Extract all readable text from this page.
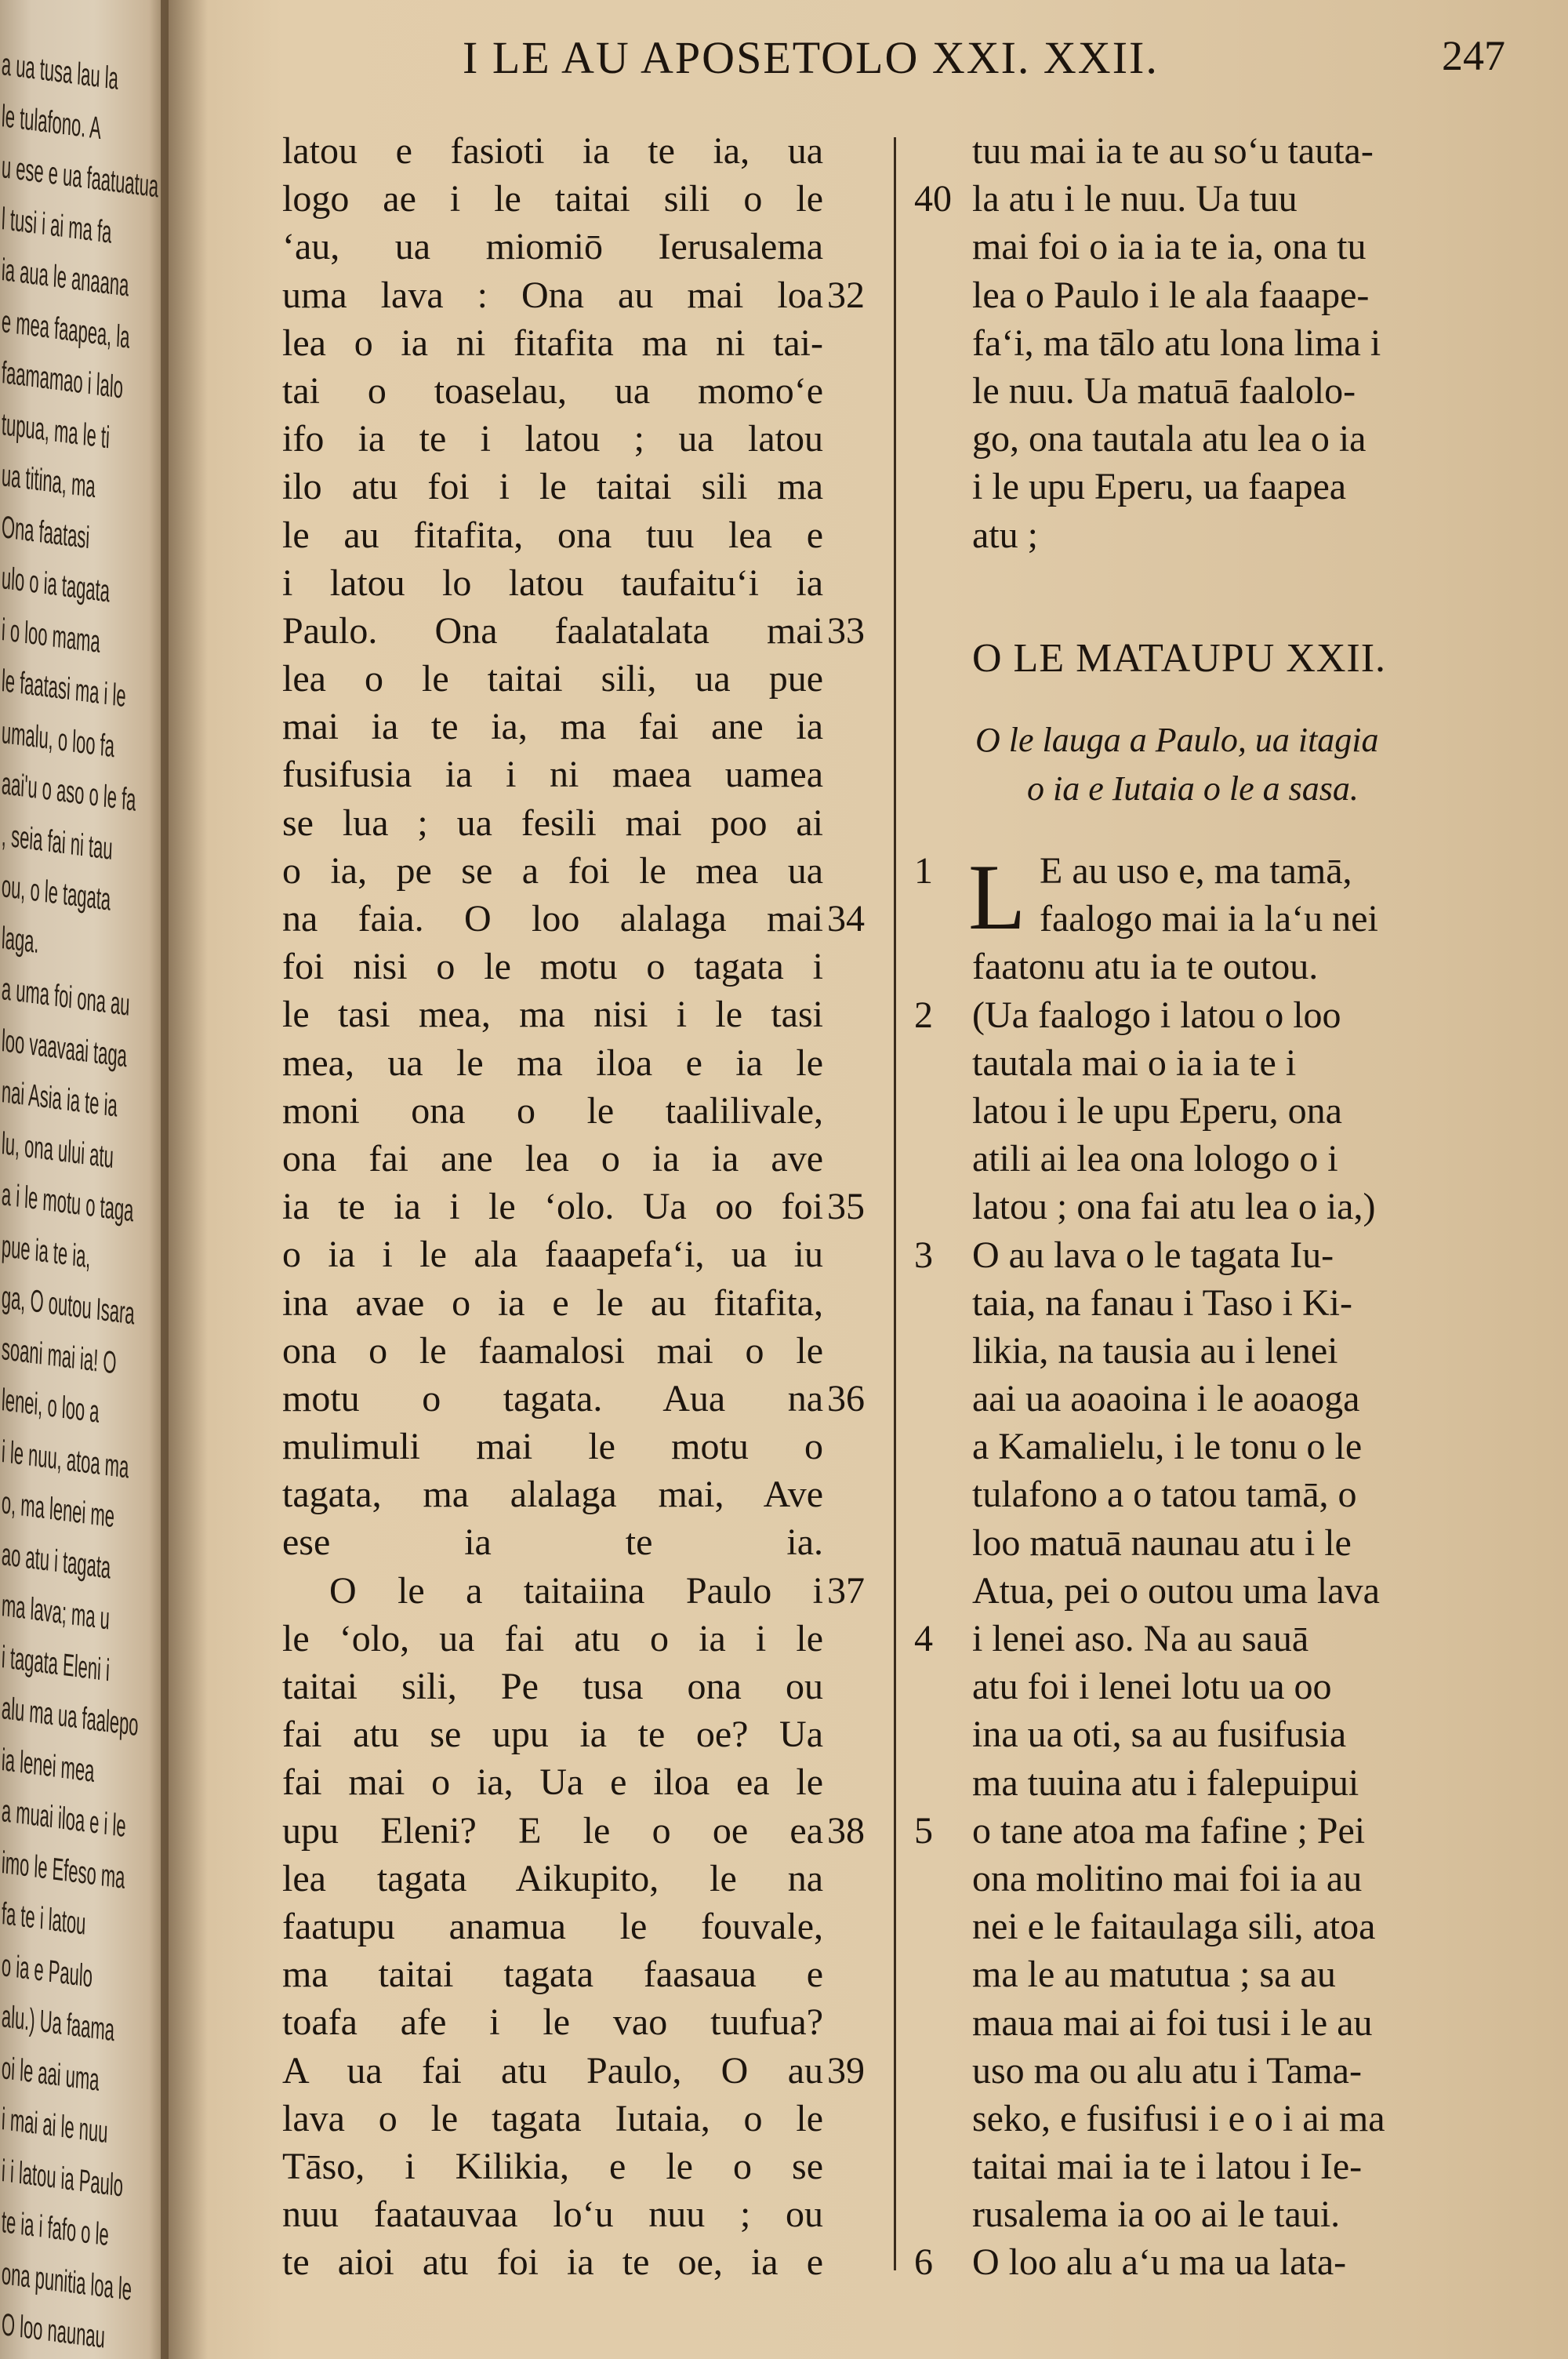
a ua tusa lau la
le tulafono. A
u ese e ua faatuatua
l tusi i ai ma fa
ia aua le anaana
e mea faapea, la
faamamao i lalo
tupua, ma le ti
ua titina, ma
Ona faatasi
ulo o ia tagata
i o loo mama
le faatasi ma i le
umalu, o loo fa
aai'u o aso o le fa
, seia fai ni tau
ou, o le tagata
laga.
a uma foi ona au
loo vaavaai taga
nai Asia ia te ia
lu, ona ului atu
a i le motu o taga
pue ia te ia,
ga, O outou Isara
soani mai ia! O
lenei, o loo a
i le nuu, atoa ma
o, ma lenei me
ao atu i tagata
ma lava; ma u
i tagata Eleni i
alu ma ua faalepo
ia lenei mea
a muai iloa e i le
imo le Efeso ma
fa te i latou
o ia e Paulo
alu.) Ua faama
oi le aai uma
i mai ai le nuu
i i latou ia Paulo
te ia i fafo o le
ona punitia loa le
O loo naunau
I LE AU APOSETOLO XXI. XXII.	247
latou e fasioti ia te ia, ua
logo ae i le taitai sili o le
ʻau, ua miomiō Ierusalema
uma lava : Ona au mai loa 32
lea o ia ni fitafita ma ni tai-
tai o toaselau, ua momoʻe
ifo ia te i latou ; ua latou
ilo atu foi i le taitai sili ma
le au fitafita, ona tuu lea e
i latou lo latou taufaituʻi ia
Paulo. Ona faalatalata mai 33
lea o le taitai sili, ua pue
mai ia te ia, ma fai ane ia
fusifusia ia i ni maea uamea
se lua ; ua fesili mai poo ai
o ia, pe se a foi le mea ua
na faia. O loo alalaga mai 34
foi nisi o le motu o tagata i
le tasi mea, ma nisi i le tasi
mea, ua le ma iloa e ia le
moni ona o le taalilivale,
ona fai ane lea o ia ia ave
ia te ia i le ʻolo. Ua oo foi 35
o ia i le ala faaapefaʻi, ua iu
ina avae o ia e le au fitafita,
ona o le faamalosi mai o le
motu o tagata. Aua na 36
mulimuli mai le motu o
tagata, ma alalaga mai, Ave
ese ia te ia.
O le a taitaiina Paulo i 37
le ʻolo, ua fai atu o ia i le
taitai sili, Pe tusa ona ou
fai atu se upu ia te oe? Ua
fai mai o ia, Ua e iloa ea le
upu Eleni? E le o oe ea 38
lea tagata Aikupito, le na
faatupu anamua le fouvale,
ma taitai tagata faasaua e
toafa afe i le vao tuufua?
A ua fai atu Paulo, O au 39
lava o le tagata Iutaia, o le
Tāso, i Kilikia, e le o se
nuu faatauvaa loʻu nuu ; ou
te aioi atu foi ia te oe, ia e
tuu mai ia te au soʻu tauta-
la atu i le nuu. Ua tuu
40
mai foi o ia ia te ia, ona tu
lea o Paulo i le ala faaape-
faʻi, ma tālo atu lona lima i
le nuu. Ua matuā faalolo-
go, ona tautala atu lea o ia
i le upu Eperu, ua faapea
atu ;
O LE MATAUPU XXII.
O le lauga a Paulo, ua itagia
o ia e Iutaia o le a sasa.
L E au uso e, ma tamā,
1
faalogo mai ia laʻu nei
faatonu atu ia te outou.
(Ua faalogo i latou o loo
2
tautala mai o ia ia te i
latou i le upu Eperu, ona
atili ai lea ona lologo o i
latou ; ona fai atu lea o ia,)
O au lava o le tagata Iu-
3
taia, na fanau i Taso i Ki-
likia, na tausia au i lenei
aai ua aoaoina i le aoaoga
a Kamalielu, i le tonu o le
tulafono a o tatou tamā, o
loo matuā naunau atu i le
Atua, pei o outou uma lava
i lenei aso. Na au sauā
4
atu foi i lenei lotu ua oo
ina ua oti, sa au fusifusia
ma tuuina atu i falepuipui
o tane atoa ma fafine ; Pei
5
ona molitino mai foi ia au
nei e le faitaulaga sili, atoa
ma le au matutua ; sa au
maua mai ai foi tusi i le au
uso ma ou alu atu i Tama-
seko, e fusifusi i e o i ai ma
taitai mai ia te i latou i Ie-
rusalema ia oo ai le taui.
O loo alu aʻu ma ua lata-
6
